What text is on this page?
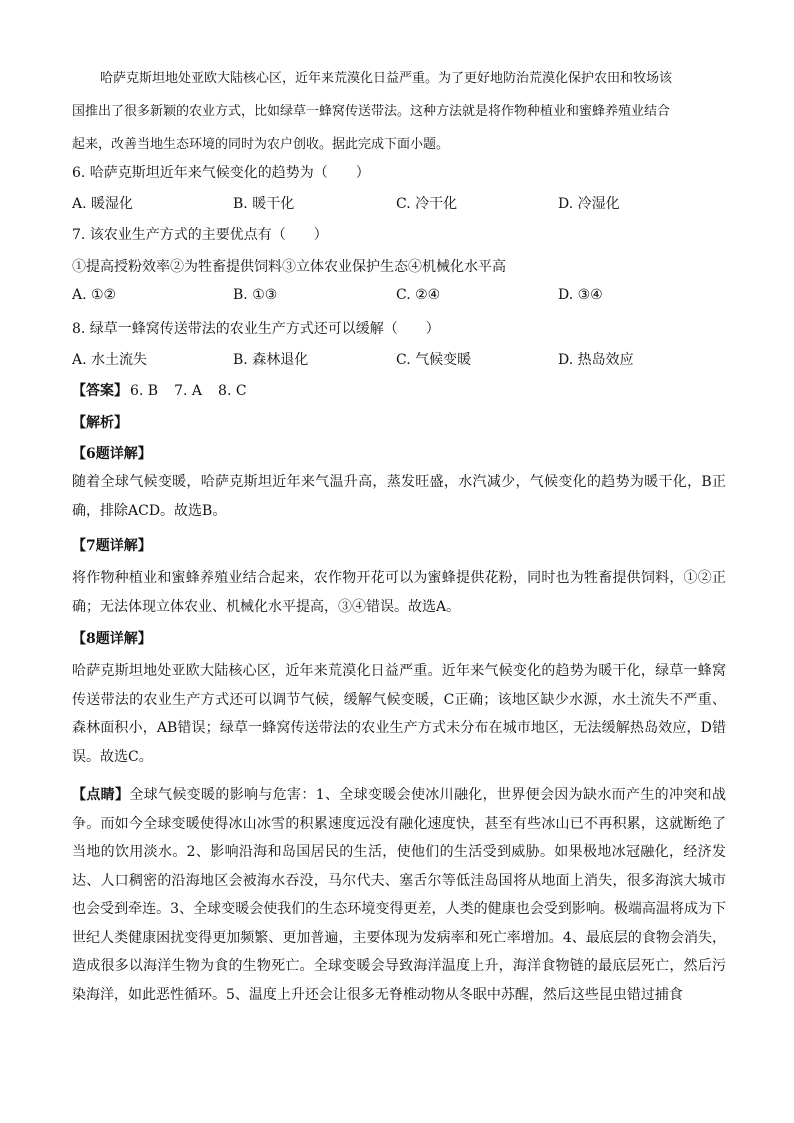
哈萨克斯坦地处亚欧大陆核心区，近年来荒漠化日益严重。为了更好地防治荒漠化保护农田和牧场该
国推出了很多新颖的农业方式，比如绿草一蜂窝传送带法。这种方法就是将作物种植业和蜜蜂养殖业结合
起来，改善当地生态环境的同时为农户创收。据此完成下面小题。
6. 哈萨克斯坦近年来气候变化的趋势为（　　）
A. 暖湿化	B. 暖干化	C. 冷干化	D. 冷湿化
7. 该农业生产方式的主要优点有（　　）
①提高授粉效率②为牲畜提供饲料③立体农业保护生态④机械化水平高
A. ①②	B. ①③	C. ②④	D. ③④
8. 绿草一蜂窝传送带法的农业生产方式还可以缓解（　　）
A. 水土流失	B. 森林退化	C. 气候变暖	D. 热岛效应
【答案】 6. B 7. A 8. C
【解析】
【6题详解】
随着全球气候变暖，哈萨克斯坦近年来气温升高，蒸发旺盛，水汽减少，气候变化的趋势为暖干化，B正确，排除ACD。故选B。
【7题详解】
将作物种植业和蜜蜂养殖业结合起来，农作物开花可以为蜜蜂提供花粉，同时也为牲畜提供饲料，①②正确；无法体现立体农业、机械化水平提高，③④错误。故选A。
【8题详解】
哈萨克斯坦地处亚欧大陆核心区，近年来荒漠化日益严重。近年来气候变化的趋势为暖干化，绿草一蜂窝传送带法的农业生产方式还可以调节气候，缓解气候变暖，C正确；该地区缺少水源，水土流失不严重、森林面积小，AB错误；绿草一蜂窝传送带法的农业生产方式未分布在城市地区，无法缓解热岛效应，D错误。故选C。
【点睛】全球气候变暖的影响与危害：1、全球变暖会使冰川融化，世界便会因为缺水而产生的冲突和战争。而如今全球变暖使得冰山冰雪的积累速度远没有融化速度快，甚至有些冰山已不再积累，这就断绝了当地的饮用淡水。2、影响沿海和岛国居民的生活，使他们的生活受到威胁。如果极地冰冠融化，经济发达、人口稠密的沿海地区会被海水吞没，马尔代夫、塞舌尔等低洼岛国将从地面上消失，很多海滨大城市也会受到牵连。3、全球变暖会使我们的生态环境变得更差，人类的健康也会受到影响。极端高温将成为下世纪人类健康困扰变得更加频繁、更加普遍，主要体现为发病率和死亡率增加。4、最底层的食物会消失，造成很多以海洋生物为食的生物死亡。全球变暖会导致海洋温度上升，海洋食物链的最底层死亡，然后污染海洋，如此恶性循环。5、温度上升还会让很多无脊椎动物从冬眠中苏醒，然后这些昆虫错过捕食
